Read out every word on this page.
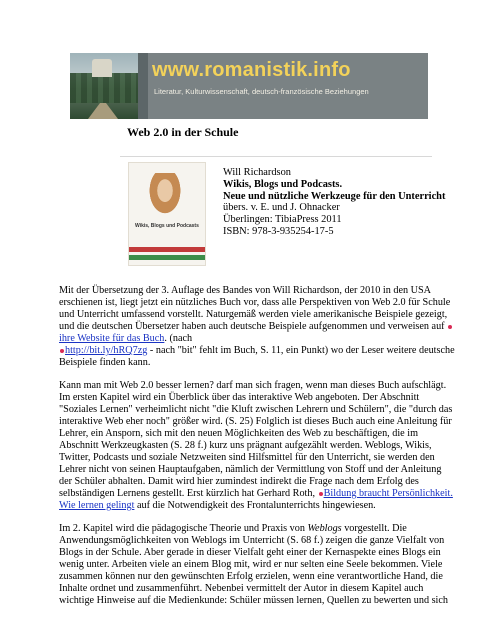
www.romanistik.info
Literatur, Kulturwissenschaft, deutsch-französische Beziehungen
Web 2.0 in der Schule
Wikis, Blogs und Podcasts
Will Richardson
Wikis, Blogs und Podcasts.
Neue und nützliche Werkzeuge für den Unterricht
übers. v. E. und J. Ohnacker
Überlingen: TibiaPress 2011
ISBN: 978-3-935254-17-5
Mit der Übersetzung der 3. Auflage des Bandes von Will Richardson, der 2010 in den USA
erschienen ist, liegt jetzt ein nützliches Buch vor, dass alle Perspektiven von Web 2.0 für Schule
und Unterricht umfassend vorstellt. Naturgemäß werden viele amerikanische Beispiele gezeigt,
und die deutschen Übersetzer haben auch deutsche Beispiele aufgenommen und verweisen auf
ihre Website für das Buch. (nach
http://bit.ly/hRQ7zg - nach "bit" fehlt im Buch, S. 11, ein Punkt) wo der Leser weitere deutsche
Beispiele finden kann.
Kann man mit Web 2.0 besser lernen? darf man sich fragen, wenn man dieses Buch aufschlägt.
Im ersten Kapitel wird ein Überblick über das interaktive Web angeboten. Der Abschnitt
"Soziales Lernen" verheimlicht nicht "die Kluft zwischen Lehrern und Schülern", die "durch das
interaktive Web eher noch" größer wird. (S. 25) Folglich ist dieses Buch auch eine Anleitung für
Lehrer, ein Ansporn, sich mit den neuen Möglichkeiten des Web zu beschäftigen, die im
Abschnitt Werkzeugkasten (S. 28 f.) kurz uns prägnant aufgezählt werden. Weblogs, Wikis,
Twitter, Podcasts und soziale Netzweiten sind Hilfsmittel für den Unterricht, sie werden den
Lehrer nicht von seinen Hauptaufgaben, nämlich der Vermittlung von Stoff und der Anleitung
der Schüler abhalten. Damit wird hier zumindest indirekt die Frage nach dem Erfolg des
selbständigen Lernens gestellt. Erst kürzlich hat Gerhard Roth, Bildung braucht Persönlichkeit.
Wie lernen gelingt auf die Notwendigkeit des Frontalunterrichts hingewiesen.
Im 2. Kapitel wird die pädagogische Theorie und Praxis von Weblogs vorgestellt. Die
Anwendungsmöglichkeiten von Weblogs im Unterricht (S. 68 f.) zeigen die ganze Vielfalt von
Blogs in der Schule. Aber gerade in dieser Vielfalt geht einer der Kernaspekte eines Blogs ein
wenig unter. Arbeiten viele an einem Blog mit, wird er nur selten eine Seele bekommen. Viele
zusammen können nur den gewünschten Erfolg erzielen, wenn eine verantwortliche Hand, die
Inhalte ordnet und zusammenführt. Nebenbei vermittelt der Autor in diesem Kapitel auch
wichtige Hinweise auf die Medienkunde: Schüler müssen lernen, Quellen zu bewerten und sich
